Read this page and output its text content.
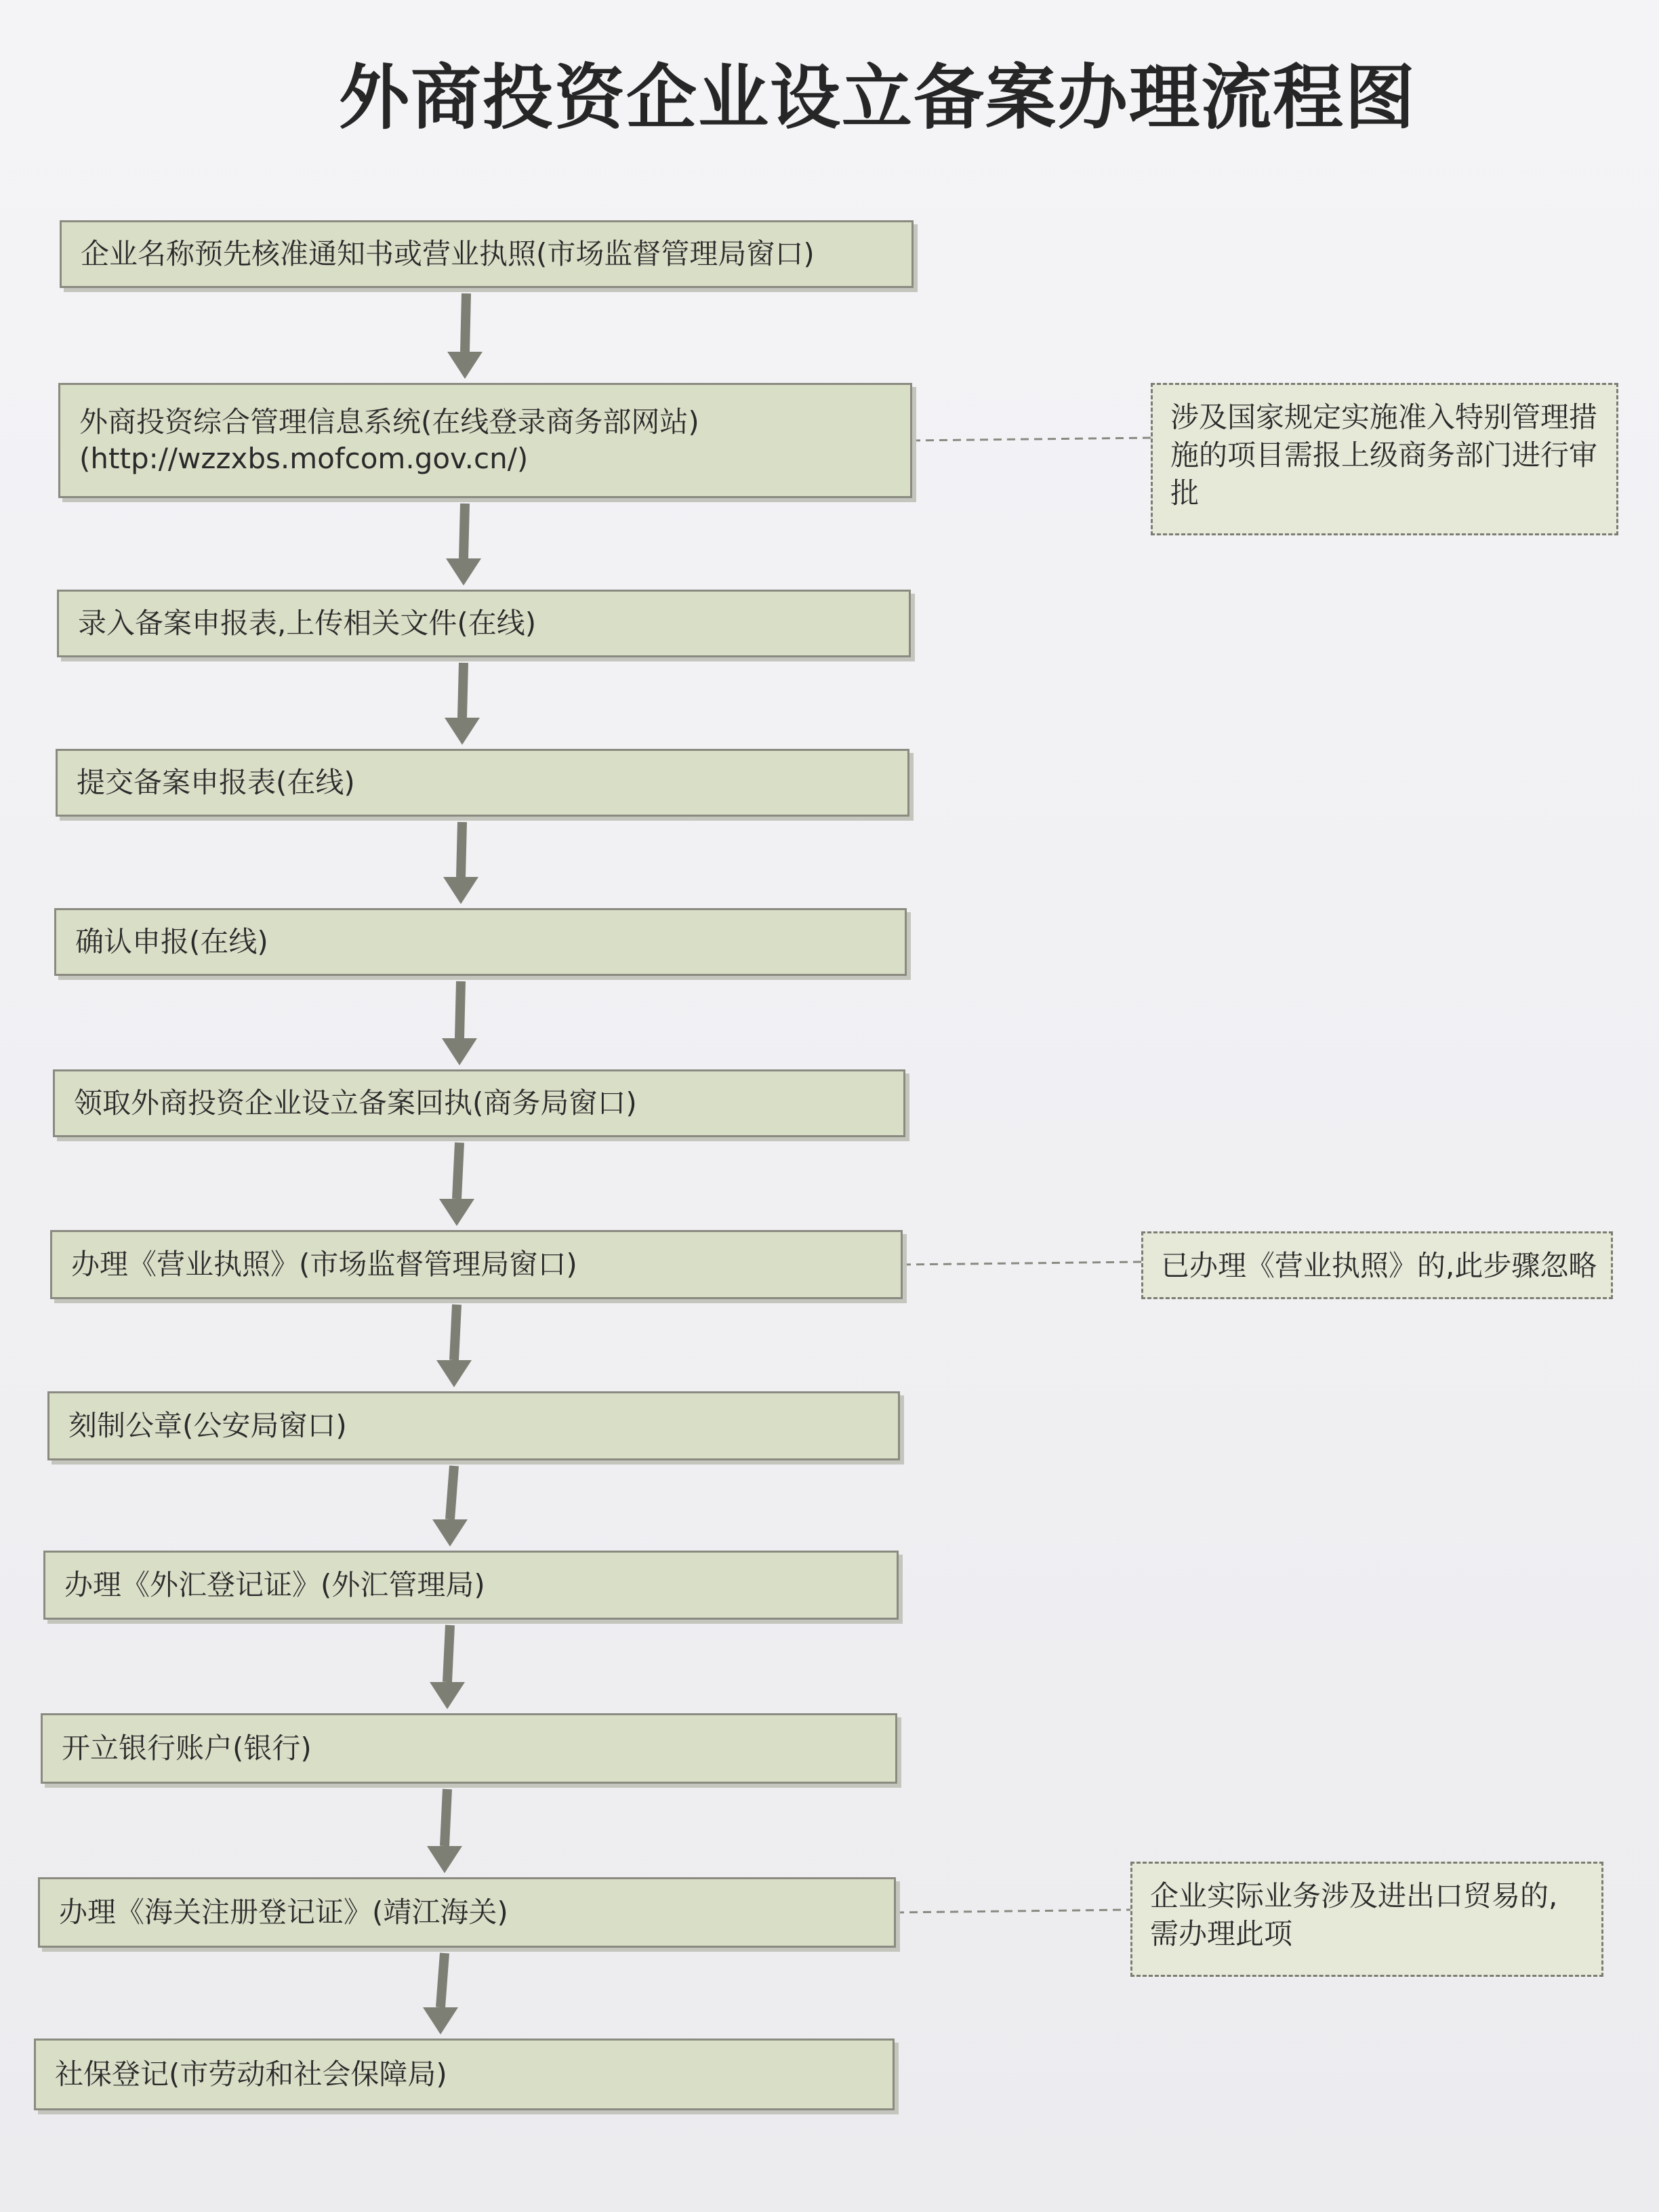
外商投资企业设立备案办理流程图
企业名称预先核准通知书或营业执照(市场监督管理局窗口)
外商投资综合管理信息系统(在线登录商务部网站)
(http://wzzxbs.mofcom.gov.cn/)
录入备案申报表,上传相关文件(在线)
提交备案申报表(在线)
确认申报(在线)
领取外商投资企业设立备案回执(商务局窗口)
办理《营业执照》(市场监督管理局窗口)
刻制公章(公安局窗口)
办理《外汇登记证》(外汇管理局)
开立银行账户(银行)
办理《海关注册登记证》(靖江海关)
社保登记(市劳动和社会保障局)
涉及国家规定实施准入特别管理措施的项目需报上级商务部门进行审批
已办理《营业执照》的,此步骤忽略
企业实际业务涉及进出口贸易的,需办理此项
